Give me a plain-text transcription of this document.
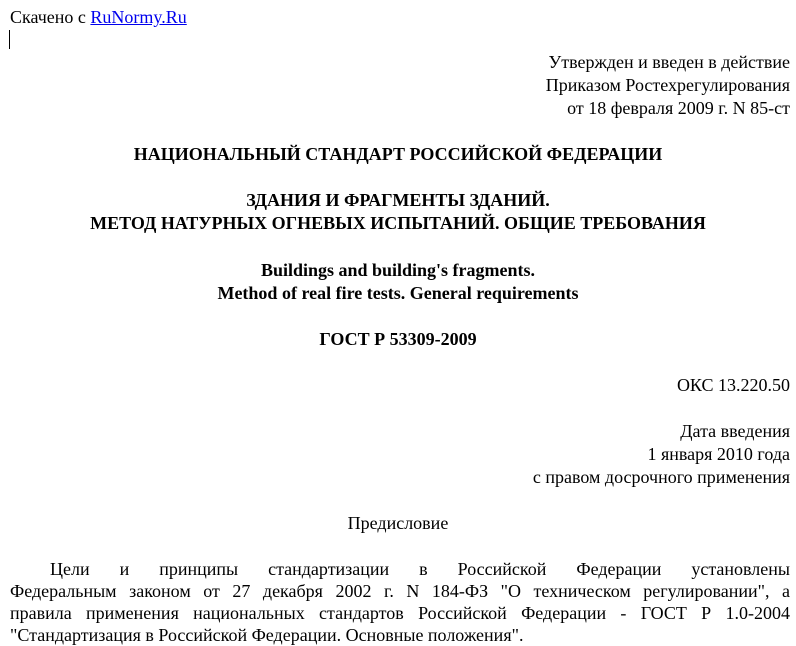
Скачено с RuNormy.Ru
Утвержден и введен в действие
Приказом Ростехрегулирования
от 18 февраля 2009 г. N 85-ст
НАЦИОНАЛЬНЫЙ СТАНДАРТ РОССИЙСКОЙ ФЕДЕРАЦИИ
ЗДАНИЯ И ФРАГМЕНТЫ ЗДАНИЙ.
МЕТОД НАТУРНЫХ ОГНЕВЫХ ИСПЫТАНИЙ. ОБЩИЕ ТРЕБОВАНИЯ
Buildings and building's fragments.
Method of real fire tests. General requirements
ГОСТ Р 53309-2009
ОКС 13.220.50
Дата введения
1 января 2010 года
с правом досрочного применения
Предисловие
Цели и принципы стандартизации в Российской Федерации установлены
Федеральным законом от 27 декабря 2002 г. N 184-ФЗ "О техническом регулировании", а
правила применения национальных стандартов Российской Федерации - ГОСТ Р 1.0-2004
"Стандартизация в Российской Федерации. Основные положения".
